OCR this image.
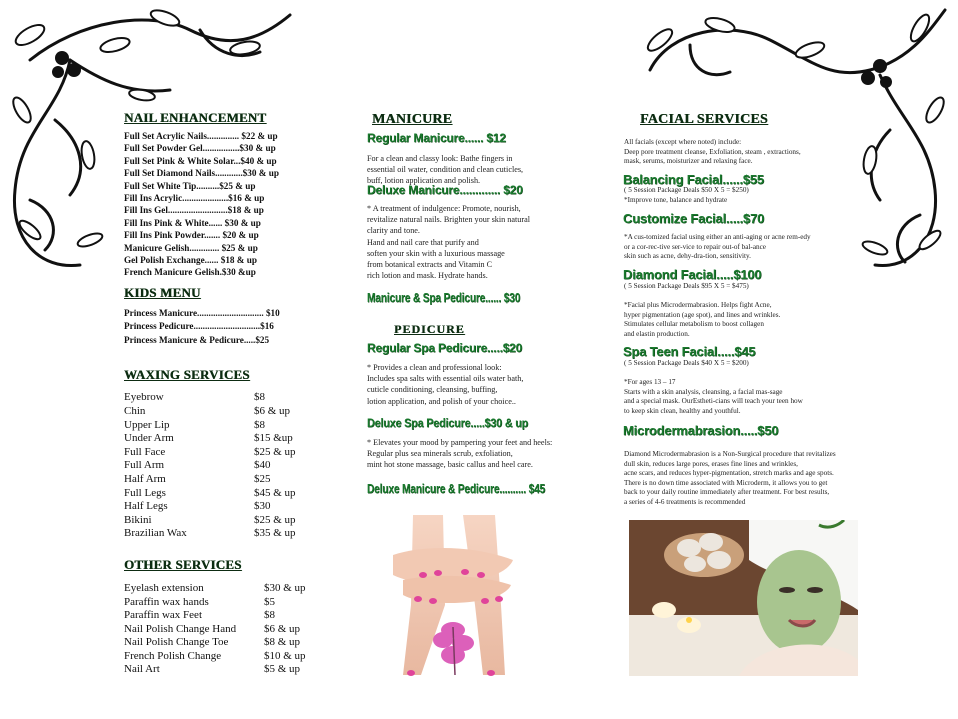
NAIL ENHANCEMENT
Full Set Acrylic Nails.............. $22 & up
Full Set Powder Gel................$30 & up
Full Set Pink & White Solar...$40 & up
Full Set Diamond Nails............$30 & up
Full Set White Tip..........$25 & up
Fill Ins Acrylic....................$16 & up
Fill Ins Gel..........................$18 & up
Fill Ins Pink & White...... $30 & up
Fill Ins Pink Powder....... $20 & up
Manicure Gelish............. $25 & up
Gel Polish Exchange...... $18 & up
French Manicure Gelish.$30 &up
KIDS MENU
Princess Manicure............................. $10
Princess Pedicure.............................$16
Princess Manicure & Pedicure.....$25
WAXING SERVICES
Eyebrow	$8
Chin	$6 & up
Upper Lip	$8
Under Arm	$15 &up
Full Face	$25 & up
Full Arm	$40
Half Arm	$25
Full Legs	$45 & up
Half Legs	$30
Bikini	$25 & up
Brazilian Wax	$35 & up
OTHER SERVICES
Eyelash extension	$30 & up
Paraffin wax hands	$5
Paraffin wax Feet	$8
Nail Polish Change Hand	$6 & up
Nail Polish Change Toe	$8 & up
French Polish Change	$10 & up
Nail Art	$5 & up
MANICURE
Regular Manicure...... $12
For a clean and classy look: Bathe fingers in
essential oil water, condition and clean cuticles,
buff, lotion application and polish.
Deluxe Manicure............. $20
* A treatment of indulgence: Promote, nourish,
revitalize natural nails. Brighten your skin natural
clarity and tone.
Hand and nail care that purify and
soften your skin with a luxurious massage
from botanical extracts and Vitamin C
rich lotion and mask. Hydrate hands.
Manicure & Spa Pedicure...... $30
PEDICURE
Regular Spa Pedicure.....$20
* Provides a clean and professional look:
Includes spa salts with essential oils water bath,
cuticle conditioning, cleansing, buffing,
lotion application, and polish of your choice..
Deluxe Spa Pedicure.....$30 & up
* Elevates your mood by pampering your feet and heels:
Regular plus sea minerals scrub, exfoliation,
mint hot stone massage, basic callus and heel care.
Deluxe Manicure & Pedicure.......... $45
FACIAL SERVICES
All facials (except where noted) include:
Deep pore treatment cleanse, Exfoliation, steam , extractions,
mask, serums, moisturizer and relaxing face.
Balancing Facial......$55
( 5 Session Package Deals $50 X 5 = $250)
*Improve tone, balance and hydrate
Customize Facial.....$70
*A cus-tomized facial using either an anti-aging or acne rem-edy
or a cor-rec-tive ser-vice to repair out-of bal-ance
skin such as acne, dehy-dra-tion, sensitivity.
Diamond Facial.....$100
( 5 Session Package Deals $95 X 5 = $475)

*Facial plus Microdermabrasion. Helps fight Acne,
hyper pigmentation (age spot), and lines and wrinkles.
Stimulates cellular metabolism to boost collagen
and elastin production.
Spa Teen Facial.....$45
( 5 Session Package Deals $40 X 5 = $200)

*For ages 13 – 17
Starts with a skin analysis, cleansing, a facial mas-sage
and a special mask. OurEstheti-cians will teach your teen how
to keep skin clean, healthy and youthful.
Microdermabrasion.....$50
Diamond Microdermabrasion is a Non-Surgical procedure that revitalizes
dull skin, reduces large pores, erases fine lines and wrinkles,
acne scars, and reduces hyper-pigmentation, stretch marks and age spots.
There is no down time associated with Microderm, it allows you to get
back to your daily routine immediately after treatment. For best results,
a series of 4-6 treatments is recommended
